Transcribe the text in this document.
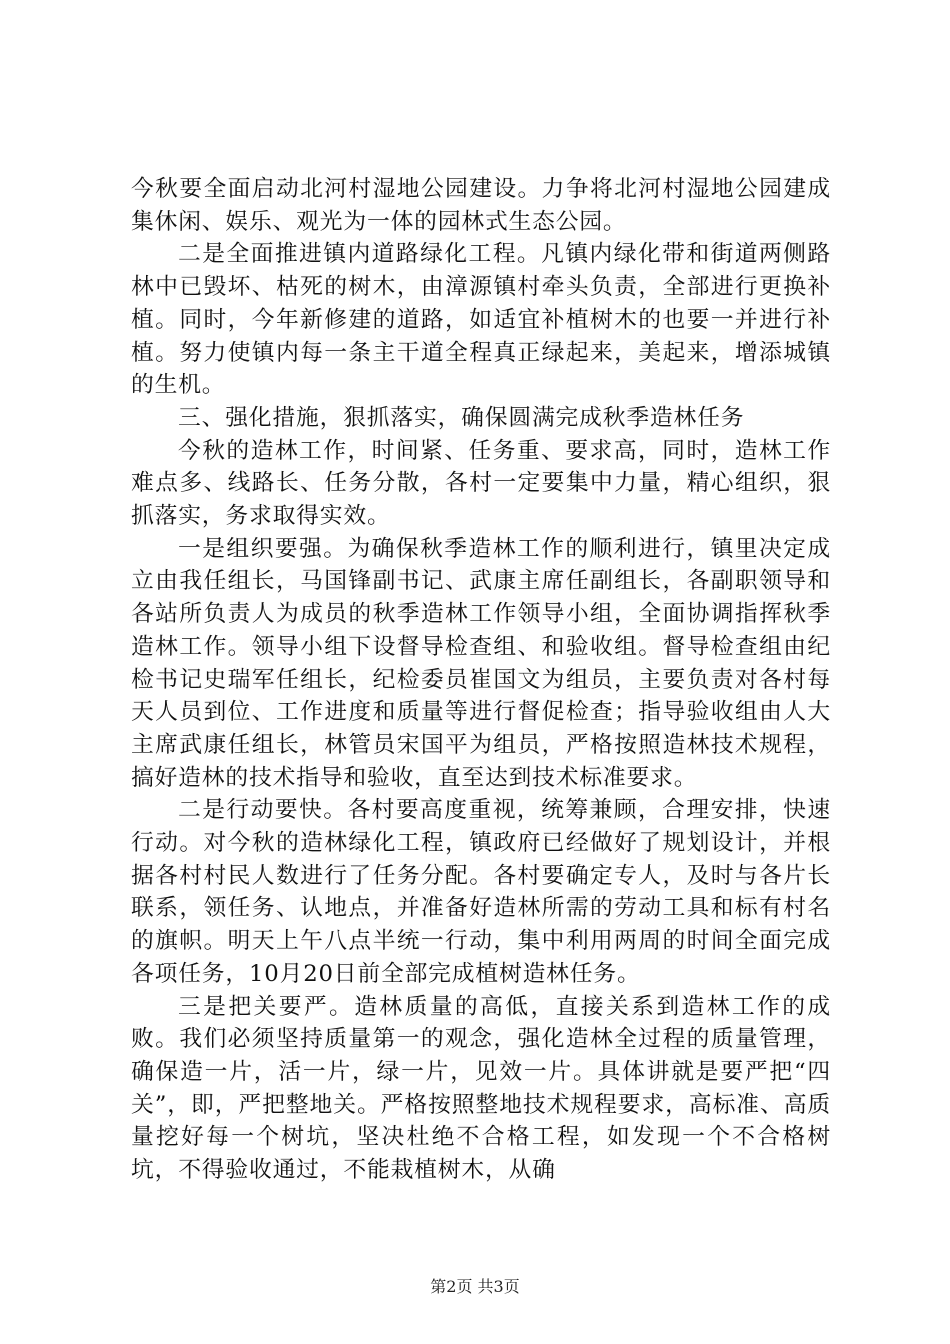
今秋要全面启动北河村湿地公园建设。力争将北河村湿地公园建成集休闲、娱乐、观光为一体的园林式生态公园。

二是全面推进镇内道路绿化工程。凡镇内绿化带和街道两侧路林中已毁坏、枯死的树木，由漳源镇村牵头负责，全部进行更换补植。同时，今年新修建的道路，如适宜补植树木的也要一并进行补植。努力使镇内每一条主干道全程真正绿起来，美起来，增添城镇的生机。

三、强化措施，狠抓落实，确保圆满完成秋季造林任务

今秋的造林工作，时间紧、任务重、要求高，同时，造林工作难点多、线路长、任务分散，各村一定要集中力量，精心组织，狠抓落实，务求取得实效。

一是组织要强。为确保秋季造林工作的顺利进行，镇里决定成立由我任组长，马国锋副书记、武康主席任副组长，各副职领导和各站所负责人为成员的秋季造林工作领导小组，全面协调指挥秋季造林工作。领导小组下设督导检查组、和验收组。督导检查组由纪检书记史瑞军任组长，纪检委员崔国文为组员，主要负责对各村每天人员到位、工作进度和质量等进行督促检查；指导验收组由人大主席武康任组长，林管员宋国平为组员，严格按照造林技术规程，搞好造林的技术指导和验收，直至达到技术标准要求。

二是行动要快。各村要高度重视，统筹兼顾，合理安排，快速行动。对今秋的造林绿化工程，镇政府已经做好了规划设计，并根据各村村民人数进行了任务分配。各村要确定专人，及时与各片长联系，领任务、认地点，并准备好造林所需的劳动工具和标有村名的旗帜。明天上午八点半统一行动，集中利用两周的时间全面完成各项任务，10月20日前全部完成植树造林任务。

三是把关要严。造林质量的高低，直接关系到造林工作的成败。我们必须坚持质量第一的观念，强化造林全过程的质量管理，确保造一片，活一片，绿一片，见效一片。具体讲就是要严把“四关”，即，严把整地关。严格按照整地技术规程要求，高标准、高质量挖好每一个树坑，坚决杜绝不合格工程，如发现一个不合格树坑，不得验收通过，不能栽植树木，从确

第2页 共3页
